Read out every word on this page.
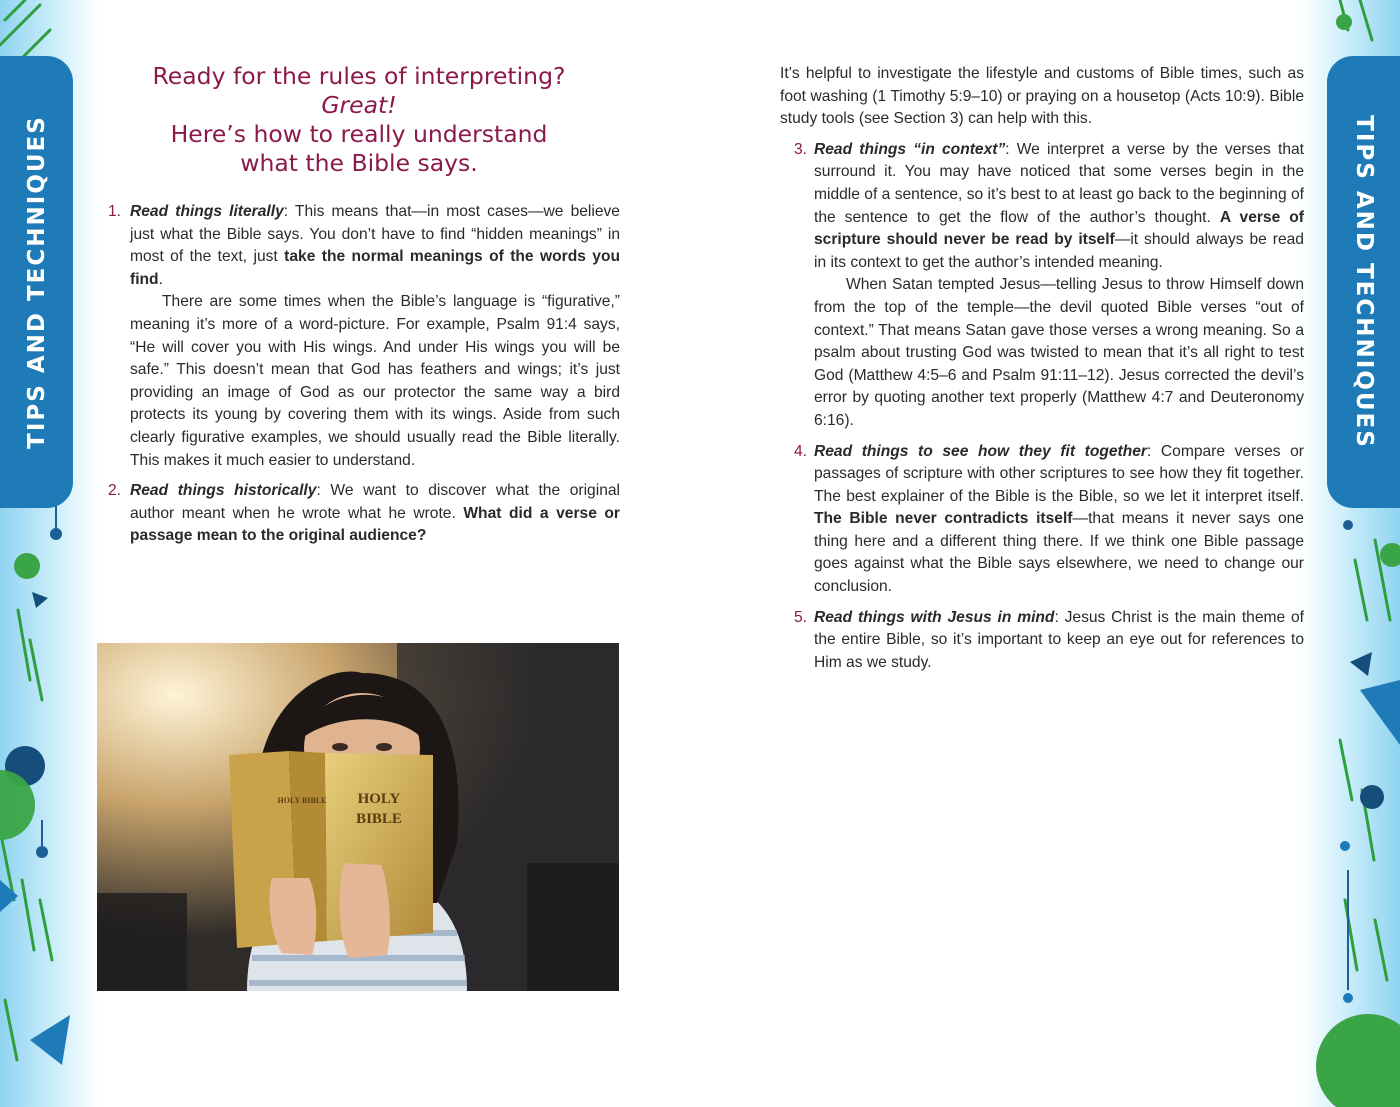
TIPS AND TECHNIQUES	TIPS AND TECHNIQUES
Ready for the rules of interpreting?
Great!
Here’s how to really understand
what the Bible says.
1. Read things literally: This means that—in most cases—we believe just what the Bible says. You don’t have to find “hidden meanings” in most of the text, just take the normal meanings of the words you find.

There are some times when the Bible’s language is “figurative,” meaning it’s more of a word-picture. For example, Psalm 91:4 says, “He will cover you with His wings. And under His wings you will be safe.” This doesn’t mean that God has feathers and wings; it’s just providing an image of God as our protector the same way a bird protects its young by covering them with its wings. Aside from such clearly figurative examples, we should usually read the Bible literally. This makes it much easier to understand.

2. Read things historically: We want to discover what the original author meant when he wrote what he wrote. What did a verse or passage mean to the original audience?

HOLY BIBLE HOLY
BIBLE

It’s helpful to investigate the lifestyle and customs of Bible times, such as foot washing (1 Timothy 5:9–10) or praying on a housetop (Acts 10:9). Bible study tools (see Section 3) can help with this.

3. Read things “in context”: We interpret a verse by the verses that surround it. You may have noticed that some verses begin in the middle of a sentence, so it’s best to at least go back to the beginning of the sentence to get the flow of the author’s thought. A verse of scripture should never be read by itself—it should always be read in its context to get the author’s intended meaning.

When Satan tempted Jesus—telling Jesus to throw Himself down from the top of the temple—the devil quoted Bible verses “out of context.” That means Satan gave those verses a wrong meaning. So a psalm about trusting God was twisted to mean that it’s all right to test God (Matthew 4:5–6 and Psalm 91:11–12). Jesus corrected the devil’s error by quoting another text properly (Matthew 4:7 and Deuteronomy 6:16).

4. Read things to see how they fit together: Compare verses or passages of scripture with other scriptures to see how they fit together. The best explainer of the Bible is the Bible, so we let it interpret itself. The Bible never contradicts itself—that means it never says one thing here and a different thing there. If we think one Bible passage goes against what the Bible says elsewhere, we need to change our conclusion.

5. Read things with Jesus in mind: Jesus Christ is the main theme of the entire Bible, so it’s important to keep an eye out for references to Him as we study.
